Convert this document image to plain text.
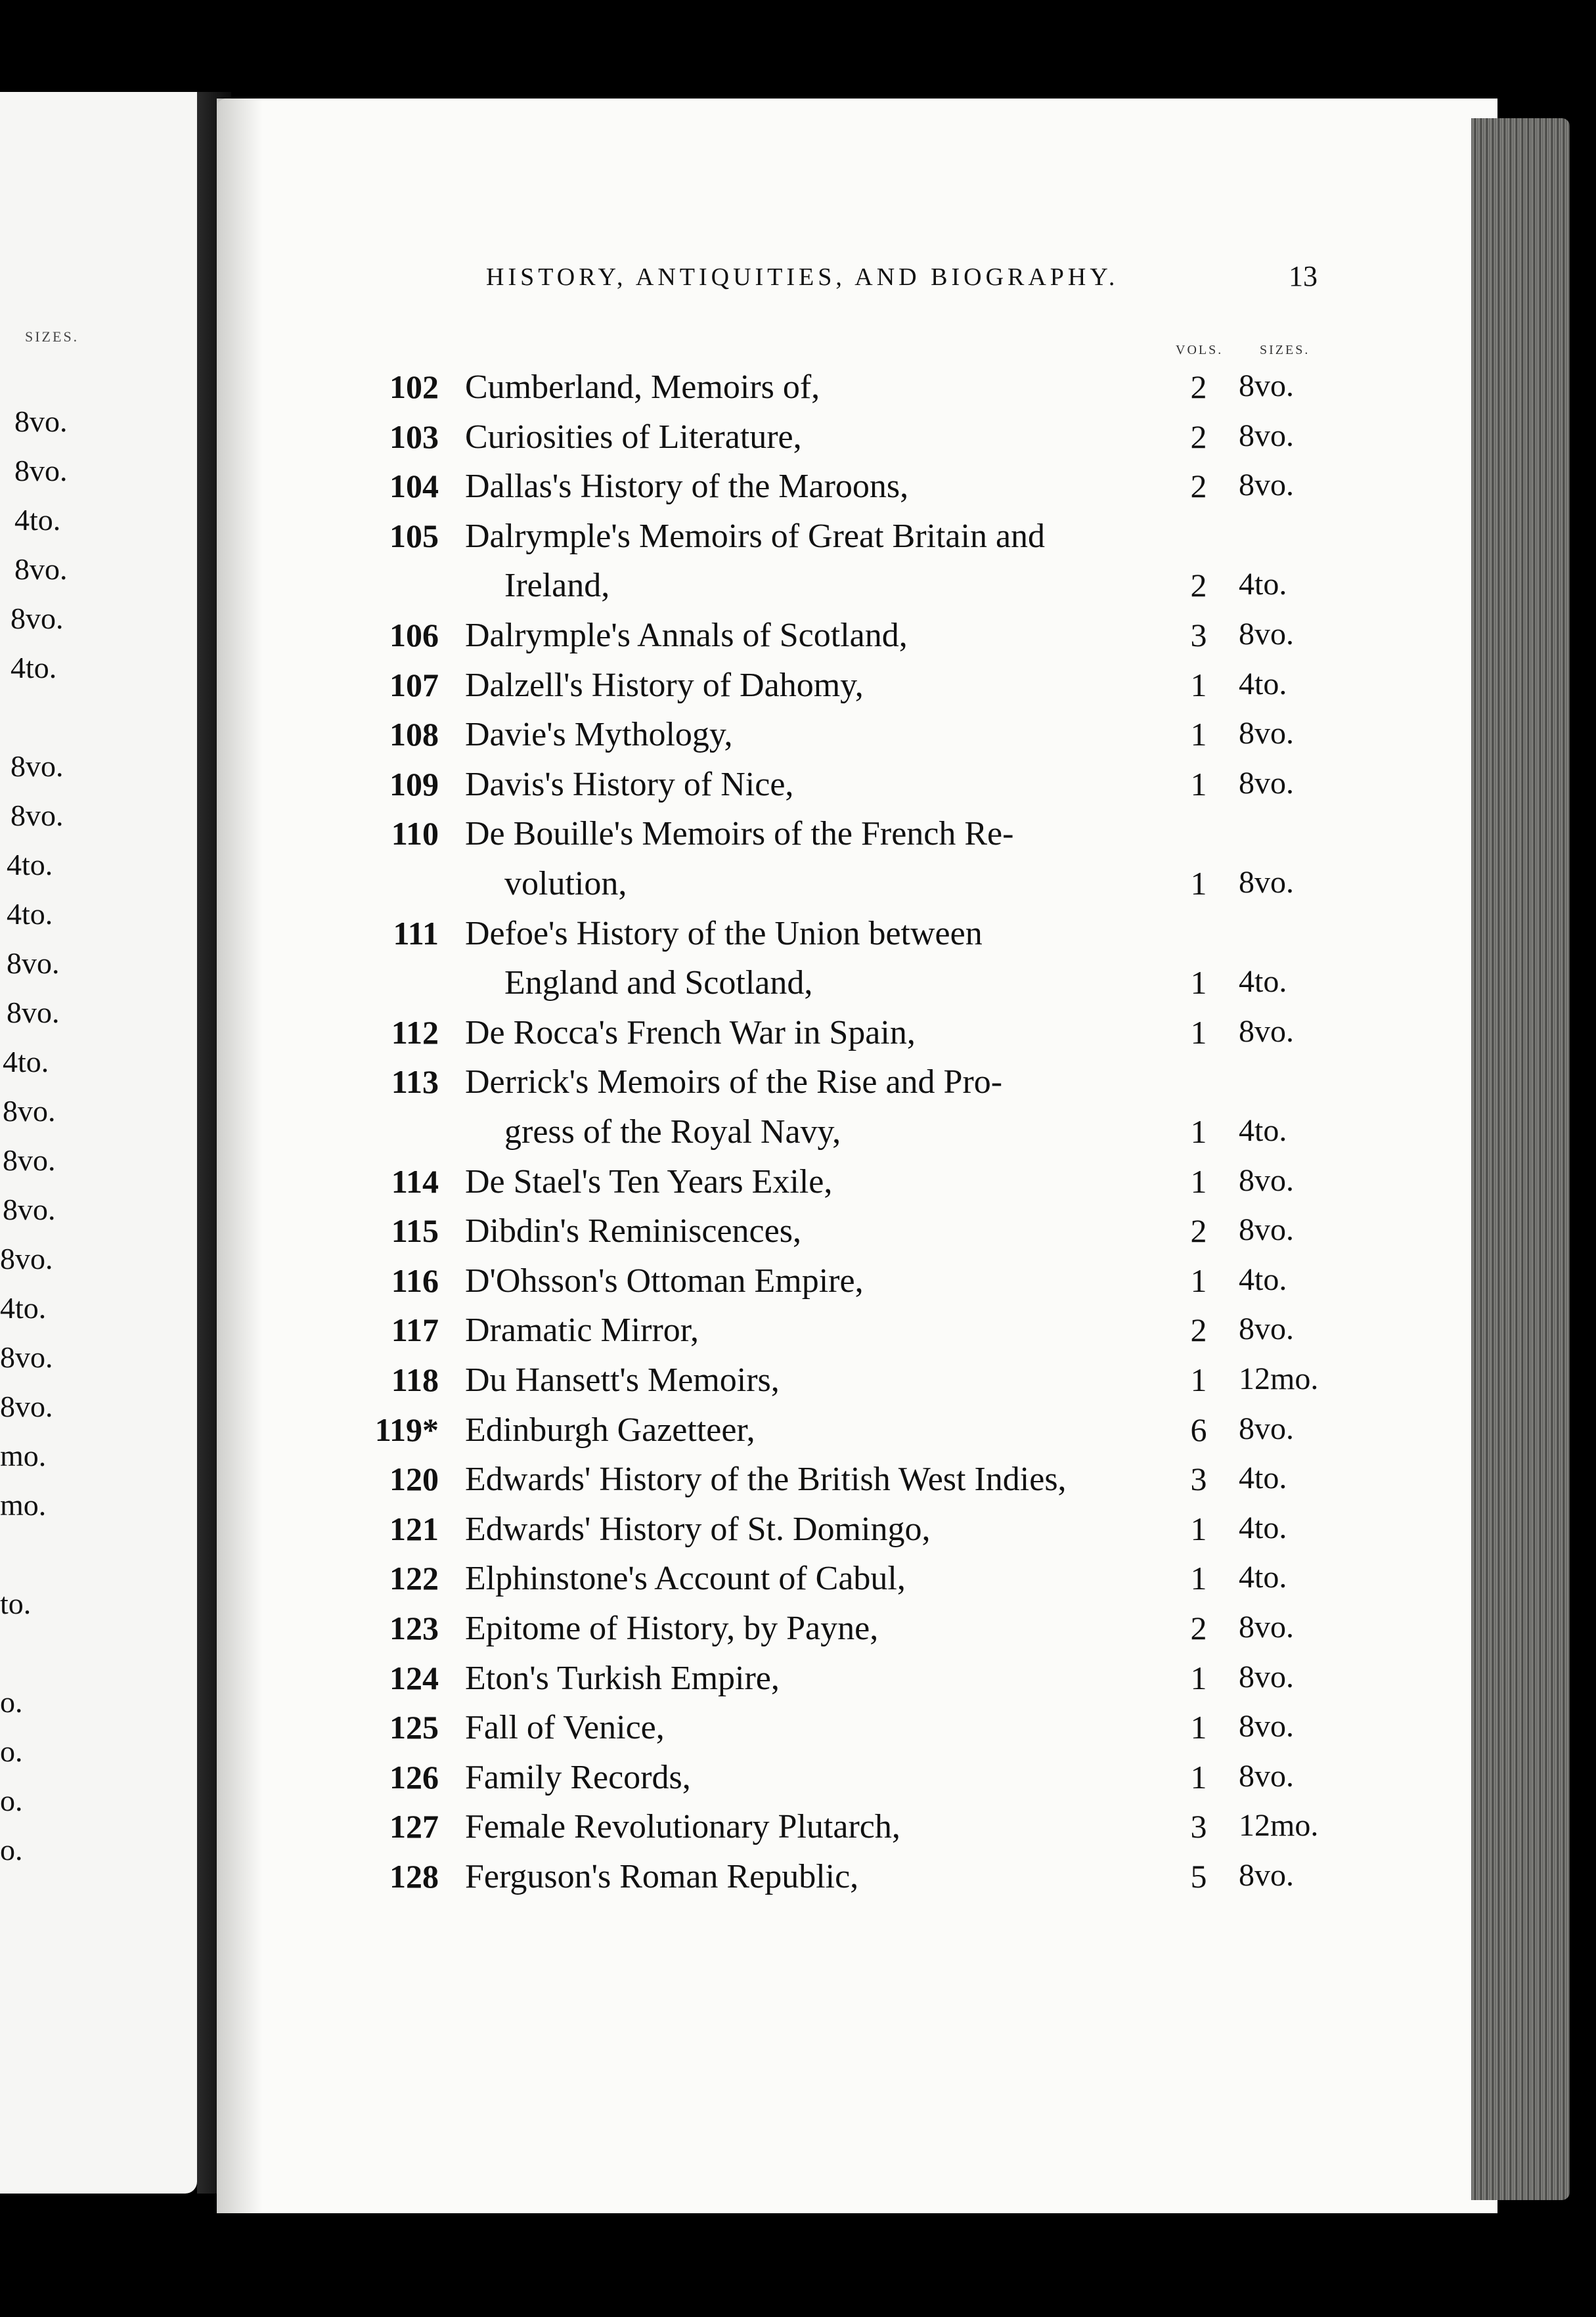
SIZES.
8vo.
8vo.
4to.
8vo.
8vo.
4to.
8vo.
8vo.
4to.
4to.
8vo.
8vo.
4to.
8vo.
8vo.
8vo.
8vo.
4to.
8vo.
8vo.
mo.
mo.
to.
o.
o.
o.
o.
HISTORY, ANTIQUITIES, AND BIOGRAPHY.	13
VOLS.	SIZES.
102 Cumberland, Memoirs of,	2	8vo.
103 Curiosities of Literature,	2	8vo.
104 Dallas's History of the Maroons,	2	8vo.
105 Dalrymple's Memoirs of Great Britain and
Ireland,	2	4to.
106 Dalrymple's Annals of Scotland,	3	8vo.
107 Dalzell's History of Dahomy,	1	4to.
108 Davie's Mythology,	1	8vo.
109 Davis's History of Nice,	1	8vo.
110 De Bouille's Memoirs of the French Re-
volution,	1	8vo.
111 Defoe's History of the Union between
England and Scotland,	1	4to.
112 De Rocca's French War in Spain,	1	8vo.
113 Derrick's Memoirs of the Rise and Pro-
gress of the Royal Navy,	1	4to.
114 De Stael's Ten Years Exile,	1	8vo.
115 Dibdin's Reminiscences,	2	8vo.
116 D'Ohsson's Ottoman Empire,	1	4to.
117 Dramatic Mirror,	2	8vo.
118 Du Hansett's Memoirs,	1	12mo.
119* Edinburgh Gazetteer,	6	8vo.
120 Edwards' History of the British West Indies,	3	4to.
121 Edwards' History of St. Domingo,	1	4to.
122 Elphinstone's Account of Cabul,	1	4to.
123 Epitome of History, by Payne,	2	8vo.
124 Eton's Turkish Empire,	1	8vo.
125 Fall of Venice,	1	8vo.
126 Family Records,	1	8vo.
127 Female Revolutionary Plutarch,	3	12mo.
128 Ferguson's Roman Republic,	5	8vo.
